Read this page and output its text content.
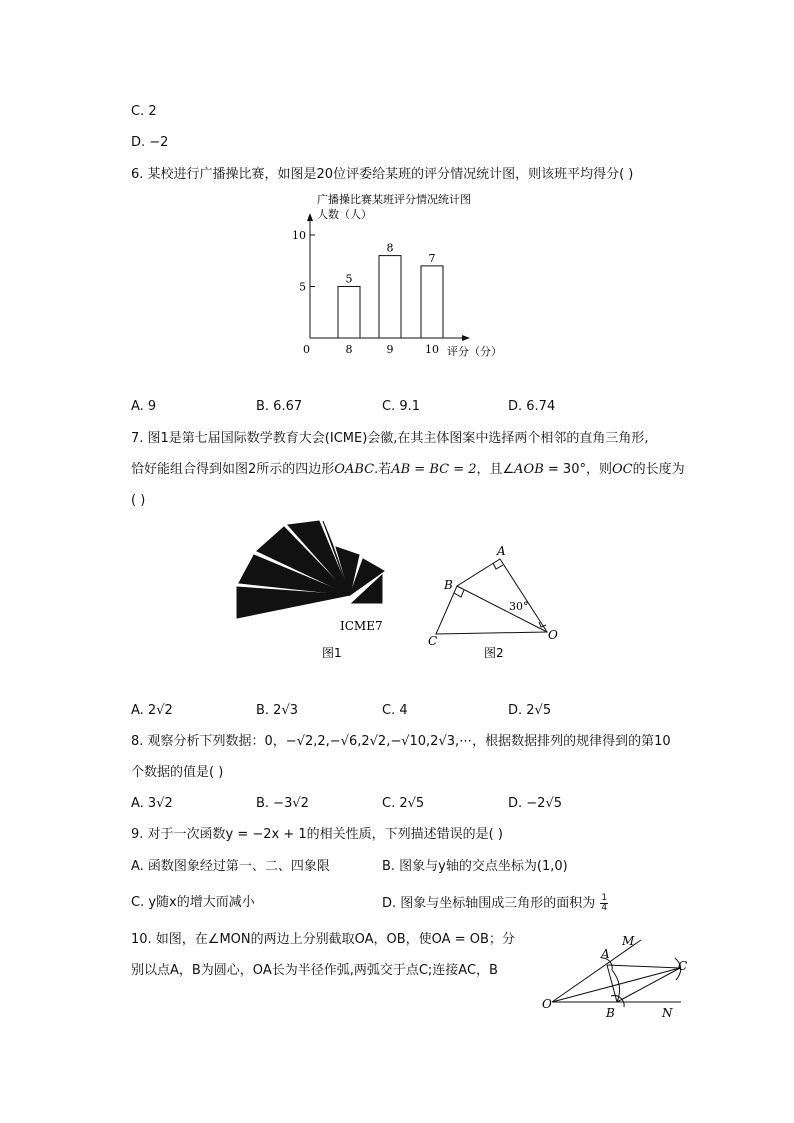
C. 2
D. −2
6. 某校进行广播操比赛，如图是20位评委给某班的评分情况统计图，则该班平均得分( )
广播操比赛某班评分情况统计图
人数（人）
评分（分）
0
5
10
5
8
8
9
7
10
A. 9	B. 6.67	C. 9.1	D. 6.74
7. 图1是第七届国际数学教育大会(ICME)会徽,在其主体图案中选择两个相邻的直角三角形,
恰好能组合得到如图2所示的四边形OABC.若AB = BC = 2，且∠AOB = 30°，则OC的长度为
( )
ICME7
图1
A
B
C	O
30°
图2
A. 2√2	B. 2√3	C. 4	D. 2√5
8. 观察分析下列数据：0，−√2,2,−√6,2√2,−√10,2√3,⋯，根据数据排列的规律得到的第10
个数据的值是( )
A. 3√2	B. −3√2	C. 2√5	D. −2√5
9. 对于一次函数y = −2x + 1的相关性质，下列描述错误的是( )
A. 函数图象经过第一、二、四象限	B. 图象与y轴的交点坐标为(1,0)
C. y随x的增大而减小	D. 图象与坐标轴围成三角形的面积为 $\frac{1}{4}$
10. 如图，在∠MON的两边上分别截取OA，OB，使OA = OB；分
别以点A，B为圆心，OA长为半径作弧,两弧交于点C;连接AC，B
M
A
C
O
B	N
